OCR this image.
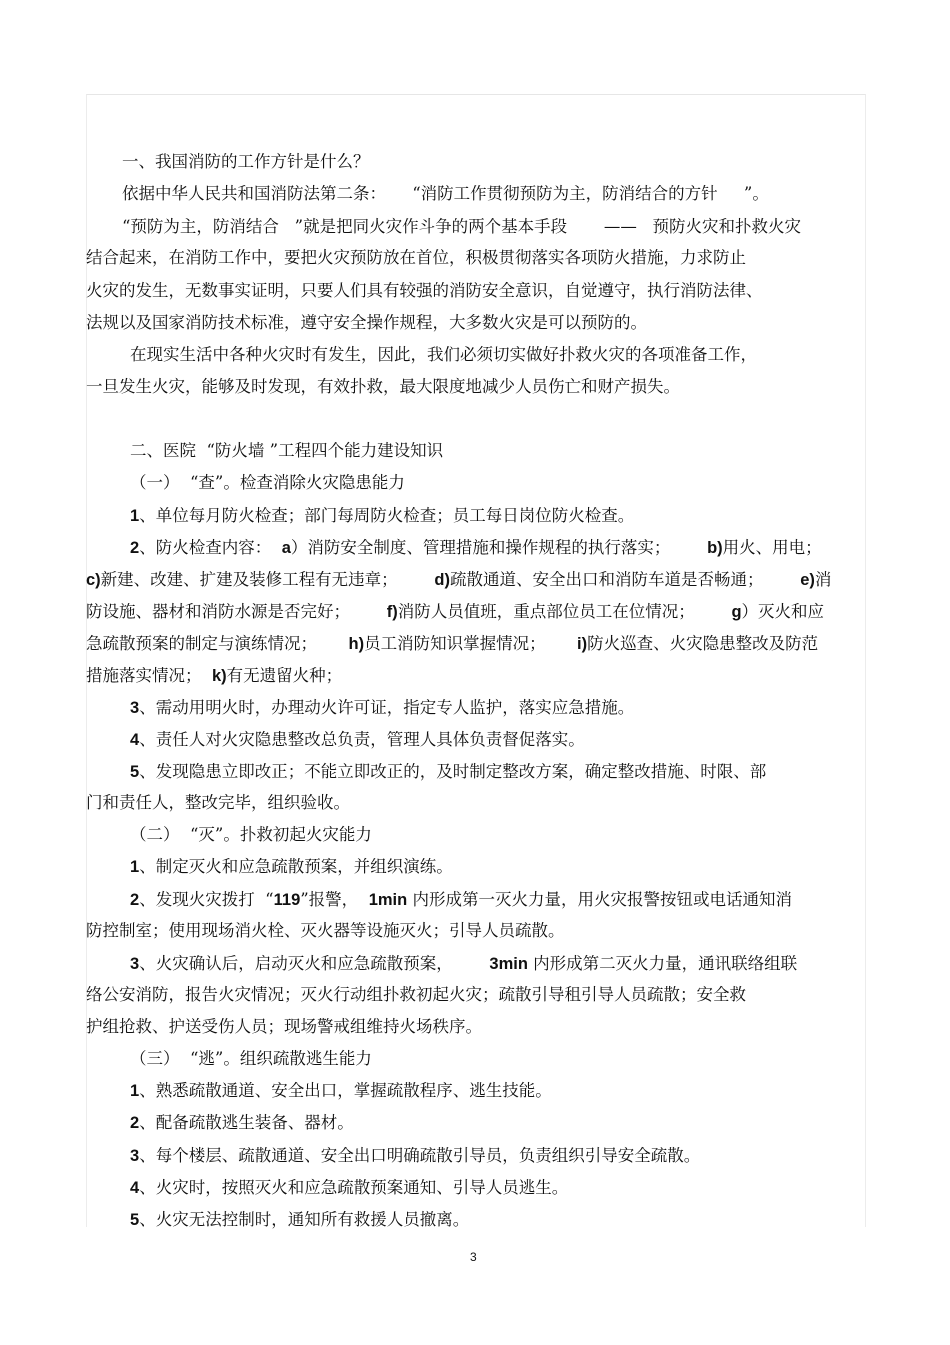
一、我国消防的工作方针是什么？
依据中华人民共和国消防法第二条：     “消防工作贯彻预防为主，防消结合的方针     ”。
“预防为主，防消结合   ”就是把同火灾作斗争的两个基本手段       ——   预防火灾和扑救火灾
结合起来，在消防工作中，要把火灾预防放在首位，积极贯彻落实各项防火措施，力求防止
火灾的发生，无数事实证明，只要人们具有较强的消防安全意识，自觉遵守，执行消防法律、
法规以及国家消防技术标准，遵守安全操作规程，大多数火灾是可以预防的。
在现实生活中各种火灾时有发生，因此，我们必须切实做好扑救火灾的各项准备工作，
一旦发生火灾，能够及时发现，有效扑救，最大限度地减少人员伤亡和财产损失。
二、医院  “防火墙 ”工程四个能力建设知识
（一）  “查”。检查消除火灾隐患能力
1、单位每月防火检查；部门每周防火检查；员工每日岗位防火检查。
2、防火检查内容： a）消防安全制度、管理措施和操作规程的执行落实； b)用火、用电；
c)新建、改建、扩建及装修工程有无违章； d)疏散通道、安全出口和消防车道是否畅通； e)消
防设施、器材和消防水源是否完好； f)消防人员值班，重点部位员工在位情况； g）灭火和应
急疏散预案的制定与演练情况； h)员工消防知识掌握情况； i)防火巡查、火灾隐患整改及防范
措施落实情况； k)有无遗留火种；
3、需动用明火时，办理动火许可证，指定专人监护，落实应急措施。
4、责任人对火灾隐患整改总负责，管理人具体负责督促落实。
5、发现隐患立即改正；不能立即改正的，及时制定整改方案，确定整改措施、时限、部
门和责任人，整改完毕，组织验收。
（二）  “灭”。扑救初起火灾能力
1、制定灭火和应急疏散预案，并组织演练。
2、发现火灾拨打  “119”报警， 1min 内形成第一灭火力量，用火灾报警按钮或电话通知消
防控制室；使用现场消火栓、灭火器等设施灭火；引导人员疏散。
3、火灾确认后，启动灭火和应急疏散预案， 3min 内形成第二灭火力量，通讯联络组联
络公安消防，报告火灾情况；灭火行动组扑救初起火灾；疏散引导租引导人员疏散；安全救
护组抢救、护送受伤人员；现场警戒组维持火场秩序。
（三）  “逃”。组织疏散逃生能力
1、熟悉疏散通道、安全出口，掌握疏散程序、逃生技能。
2、配备疏散逃生装备、器材。
3、每个楼层、疏散通道、安全出口明确疏散引导员，负责组织引导安全疏散。
4、火灾时，按照灭火和应急疏散预案通知、引导人员逃生。
5、火灾无法控制时，通知所有救援人员撤离。
3
